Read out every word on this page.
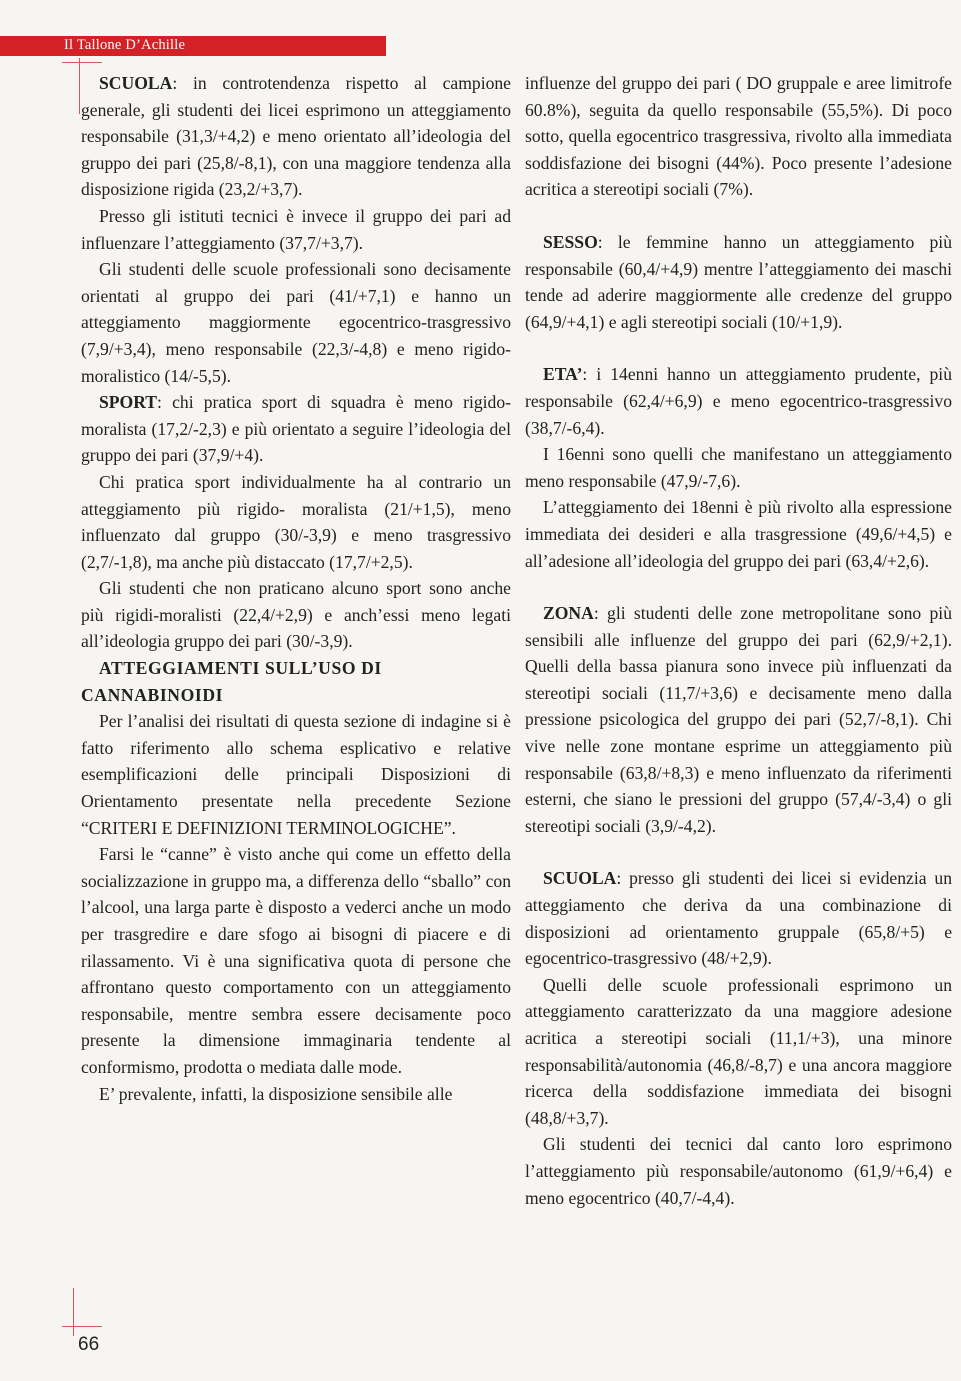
Il Tallone D’Achille

SCUOLA: in controtendenza rispetto al campione generale, gli studenti dei licei esprimono un atteggiamento responsabile (31,3/+4,2) e meno orientato all’ideologia del gruppo dei pari (25,8/-8,1), con una maggiore tendenza alla disposizione rigida (23,2/+3,7).

Presso gli istituti tecnici è invece il gruppo dei pari ad influenzare l’atteggiamento (37,7/+3,7).

Gli studenti delle scuole professionali sono decisamente orientati al gruppo dei pari (41/+7,1) e hanno un atteggiamento maggiormente egocentrico-trasgressivo (7,9/+3,4), meno responsabile (22,3/-4,8) e meno rigido-moralistico (14/-5,5).

SPORT: chi pratica sport di squadra è meno rigido-moralista (17,2/-2,3) e più orientato a seguire l’ideologia del gruppo dei pari (37,9/+4).

Chi pratica sport individualmente ha al contrario un atteggiamento più rigido- moralista (21/+1,5), meno influenzato dal gruppo (30/-3,9) e meno trasgressivo (2,7/-1,8), ma anche più distaccato (17,7/+2,5).

Gli studenti che non praticano alcuno sport sono anche più rigidi-moralisti (22,4/+2,9) e anch’essi meno legati all’ideologia gruppo dei pari (30/-3,9).

ATTEGGIAMENTI SULL’USO DI CANNABINOIDI

Per l’analisi dei risultati di questa sezione di indagine si è fatto riferimento allo schema esplicativo e relative esemplificazioni delle principali Disposizioni di Orientamento presentate nella precedente Sezione “CRITERI E DEFINIZIONI TERMINOLOGICHE”.

Farsi le “canne” è visto anche qui come un effetto della socializzazione in gruppo ma, a differenza dello “sballo” con l’alcool, una larga parte è disposto a vederci anche un modo per trasgredire e dare sfogo ai bisogni di piacere e di rilassamento. Vi è una significativa quota di persone che affrontano questo comportamento con un atteggiamento responsabile, mentre sembra essere decisamente poco presente la dimensione immaginaria tendente al conformismo, prodotta o mediata dalle mode.

E’ prevalente, infatti, la disposizione sensibile alle

influenze del gruppo dei pari ( DO gruppale e aree limitrofe 60.8%), seguita da quello responsabile (55,5%). Di poco sotto, quella egocentrico trasgressiva, rivolto alla immediata soddisfazione dei bisogni (44%). Poco presente l’adesione acritica a stereotipi sociali (7%).

SESSO: le femmine hanno un atteggiamento più responsabile (60,4/+4,9) mentre l’atteggiamento dei maschi tende ad aderire maggiormente alle credenze del gruppo (64,9/+4,1) e agli stereotipi sociali (10/+1,9).

ETA’: i 14enni hanno un atteggiamento prudente, più responsabile (62,4/+6,9) e meno egocentrico-trasgressivo (38,7/-6,4).

I 16enni sono quelli che manifestano un atteggiamento meno responsabile (47,9/-7,6).

L’atteggiamento dei 18enni è più rivolto alla espressione immediata dei desideri e alla trasgressione (49,6/+4,5) e all’adesione all’ideologia del gruppo dei pari (63,4/+2,6).

ZONA: gli studenti delle zone metropolitane sono più sensibili alle influenze del gruppo dei pari (62,9/+2,1). Quelli della bassa pianura sono invece più influenzati da stereotipi sociali (11,7/+3,6) e decisamente meno dalla pressione psicologica del gruppo dei pari (52,7/-8,1). Chi vive nelle zone montane esprime un atteggiamento più responsabile (63,8/+8,3) e meno influenzato da riferimenti esterni, che siano le pressioni del gruppo (57,4/-3,4) o gli stereotipi sociali (3,9/-4,2).

SCUOLA: presso gli studenti dei licei si evidenzia un atteggiamento che deriva da una combinazione di disposizioni ad orientamento gruppale (65,8/+5) e egocentrico-trasgressivo (48/+2,9).

Quelli delle scuole professionali esprimono un atteggiamento caratterizzato da una maggiore adesione acritica a stereotipi sociali (11,1/+3), una minore responsabilità/autonomia (46,8/-8,7) e una ancora maggiore ricerca della soddisfazione immediata dei bisogni (48,8/+3,7).

Gli studenti dei tecnici dal canto loro esprimono l’atteggiamento più responsabile/autonomo (61,9/+6,4) e meno egocentrico (40,7/-4,4).

66
